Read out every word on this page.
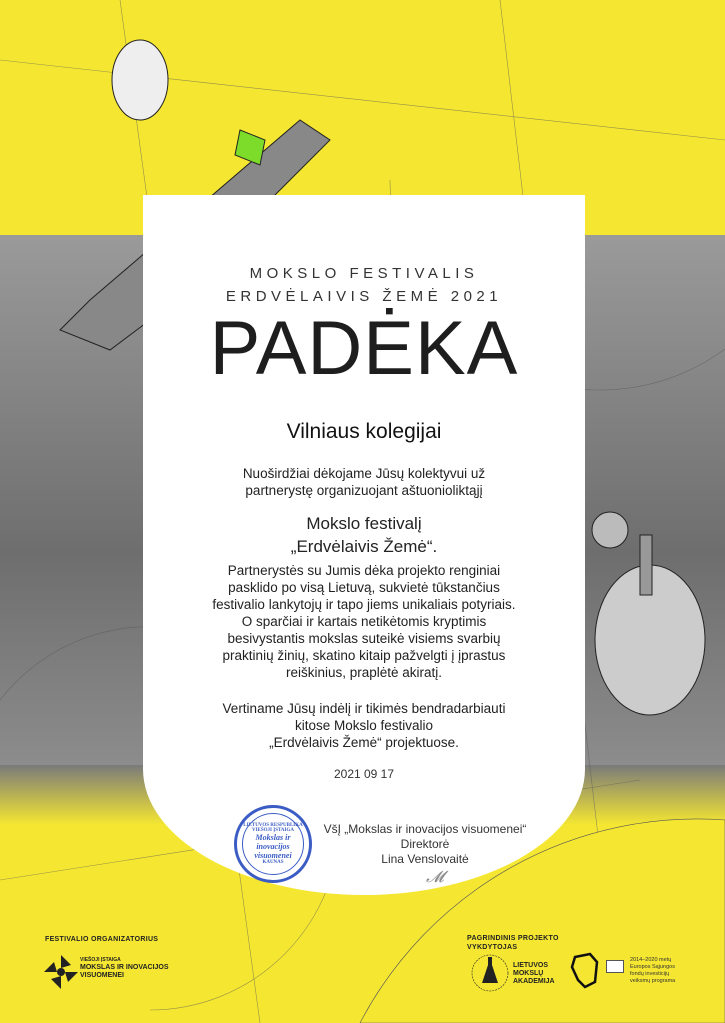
MOKSLO FESTIVALIS
ERDVĖLAIVIS ŽEMĖ 2021
PADĖKA
Vilniaus kolegijai
Nuoširdžiai dėkojame Jūsų kolektyvui už
partnerystę organizuojant aštuonioliktąjį
Mokslo festivalį
„Erdvėlaivis Žemė“.
Partnerystės su Jumis dėka projekto renginiai
pasklido po visą Lietuvą, sukvietė tūkstančius
festivalio lankytojų ir tapo jiems unikaliais potyriais.
O sparčiai ir kartais netikėtomis kryptimis
besivystantis mokslas suteikė visiems svarbių
praktinių žinių, skatino kitaip pažvelgti į įprastus
reiškinius, praplėtė akiratį.
Vertiname Jūsų indėlį ir tikimės bendradarbiauti
kitose Mokslo festivalio
„Erdvėlaivis Žemė“ projektuose.
2021 09 17
LIETUVOS RESPUBLIKA
VIEŠOJI ĮSTAIGA
Mokslas ir inovacijos visuomenei
KAUNAS
VšĮ „Mokslas ir inovacijos visuomenei“
Direktorė
Lina Venslovaitė
𝓜
FESTIVALIO ORGANIZATORIUS
VIEŠOJI ĮSTAIGA
MOKSLAS IR INOVACIJOS
VISUOMENEI
PAGRINDINIS PROJEKTO
VYKDYTOJAS
LIETUVOS
MOKSLŲ
AKADEMIJA
2014–2020 metų
Europos Sąjungos
fondų investicijų
veiksmų programa
